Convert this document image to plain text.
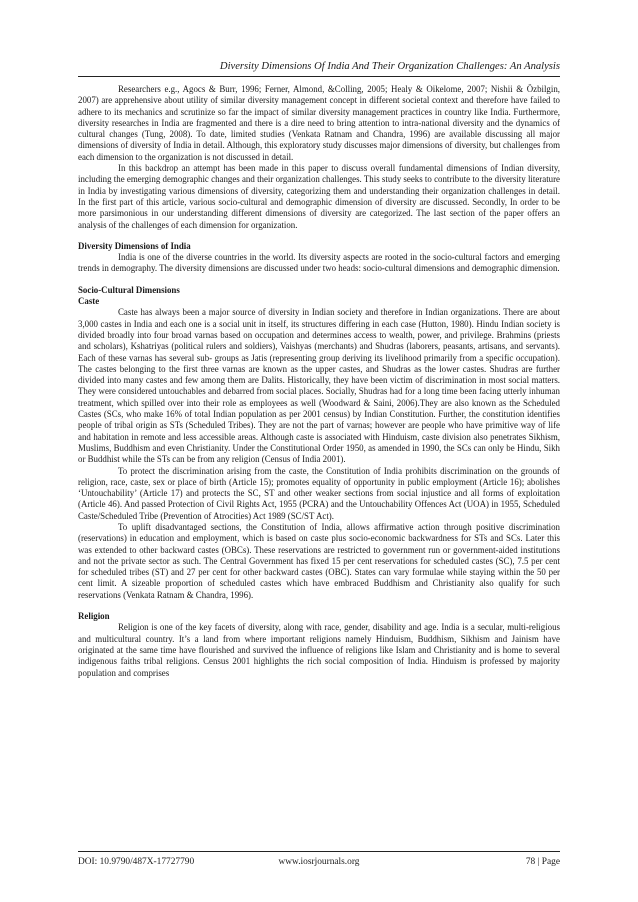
Diversity Dimensions Of India And Their Organization Challenges: An Analysis

Researchers e.g., Agocs & Burr, 1996; Ferner, Almond, &Colling, 2005; Healy & Oikelome, 2007; Nishii & Özbilgin, 2007) are apprehensive about utility of similar diversity management concept in different societal context and therefore have failed to adhere to its mechanics and scrutinize so far the impact of similar diversity management practices in country like India. Furthermore, diversity researches in India are fragmented and there is a dire need to bring attention to intra-national diversity and the dynamics of cultural changes (Tung, 2008). To date, limited studies (Venkata Ratnam and Chandra, 1996) are available discussing all major dimensions of diversity of India in detail. Although, this exploratory study discusses major dimensions of diversity, but challenges from each dimension to the organization is not discussed in detail.

In this backdrop an attempt has been made in this paper to discuss overall fundamental dimensions of Indian diversity, including the emerging demographic changes and their organization challenges. This study seeks to contribute to the diversity literature in India by investigating various dimensions of diversity, categorizing them and understanding their organization challenges in detail. In the first part of this article, various socio-cultural and demographic dimension of diversity are discussed. Secondly, In order to be more parsimonious in our understanding different dimensions of diversity are categorized. The last section of the paper offers an analysis of the challenges of each dimension for organization.

Diversity Dimensions of India

India is one of the diverse countries in the world. Its diversity aspects are rooted in the socio-cultural factors and emerging trends in demography. The diversity dimensions are discussed under two heads: socio-cultural dimensions and demographic dimension.

Socio-Cultural Dimensions
Caste

Caste has always been a major source of diversity in Indian society and therefore in Indian organizations. There are about 3,000 castes in India and each one is a social unit in itself, its structures differing in each case (Hutton, 1980). Hindu Indian society is divided broadly into four broad varnas based on occupation and determines access to wealth, power, and privilege. Brahmins (priests and scholars), Kshatriyas (political rulers and soldiers), Vaishyas (merchants) and Shudras (laborers, peasants, artisans, and servants). Each of these varnas has several sub- groups as Jatis (representing group deriving its livelihood primarily from a specific occupation). The castes belonging to the first three varnas are known as the upper castes, and Shudras as the lower castes. Shudras are further divided into many castes and few among them are Dalits. Historically, they have been victim of discrimination in most social matters. They were considered untouchables and debarred from social places. Socially, Shudras had for a long time been facing utterly inhuman treatment, which spilled over into their role as employees as well (Woodward & Saini, 2006).They are also known as the Scheduled Castes (SCs, who make 16% of total Indian population as per 2001 census) by Indian Constitution. Further, the constitution identifies people of tribal origin as STs (Scheduled Tribes). They are not the part of varnas; however are people who have primitive way of life and habitation in remote and less accessible areas. Although caste is associated with Hinduism, caste division also penetrates Sikhism, Muslims, Buddhism and even Christianity. Under the Constitutional Order 1950, as amended in 1990, the SCs can only be Hindu, Sikh or Buddhist while the STs can be from any religion (Census of India 2001).

To protect the discrimination arising from the caste, the Constitution of India prohibits discrimination on the grounds of religion, race, caste, sex or place of birth (Article 15); promotes equality of opportunity in public employment (Article 16); abolishes ‘Untouchability’ (Article 17) and protects the SC, ST and other weaker sections from social injustice and all forms of exploitation (Article 46). And passed Protection of Civil Rights Act, 1955 (PCRA) and the Untouchability Offences Act (UOA) in 1955, Scheduled Caste/Scheduled Tribe (Prevention of Atrocities) Act 1989 (SC/ST Act).

To uplift disadvantaged sections, the Constitution of India, allows affirmative action through positive discrimination (reservations) in education and employment, which is based on caste plus socio-economic backwardness for STs and SCs. Later this was extended to other backward castes (OBCs). These reservations are restricted to government run or government-aided institutions and not the private sector as such. The Central Government has fixed 15 per cent reservations for scheduled castes (SC), 7.5 per cent for scheduled tribes (ST) and 27 per cent for other backward castes (OBC). States can vary formulae while staying within the 50 per cent limit. A sizeable proportion of scheduled castes which have embraced Buddhism and Christianity also qualify for such reservations (Venkata Ratnam & Chandra, 1996).

Religion

Religion is one of the key facets of diversity, along with race, gender, disability and age. India is a secular, multi-religious and multicultural country. It’s a land from where important religions namely Hinduism, Buddhism, Sikhism and Jainism have originated at the same time have flourished and survived the influence of religions like Islam and Christianity and is home to several indigenous faiths tribal religions. Census 2001 highlights the rich social composition of India. Hinduism is professed by majority population and comprises

DOI: 10.9790/487X-17727790	www.iosrjournals.org	78 | Page
